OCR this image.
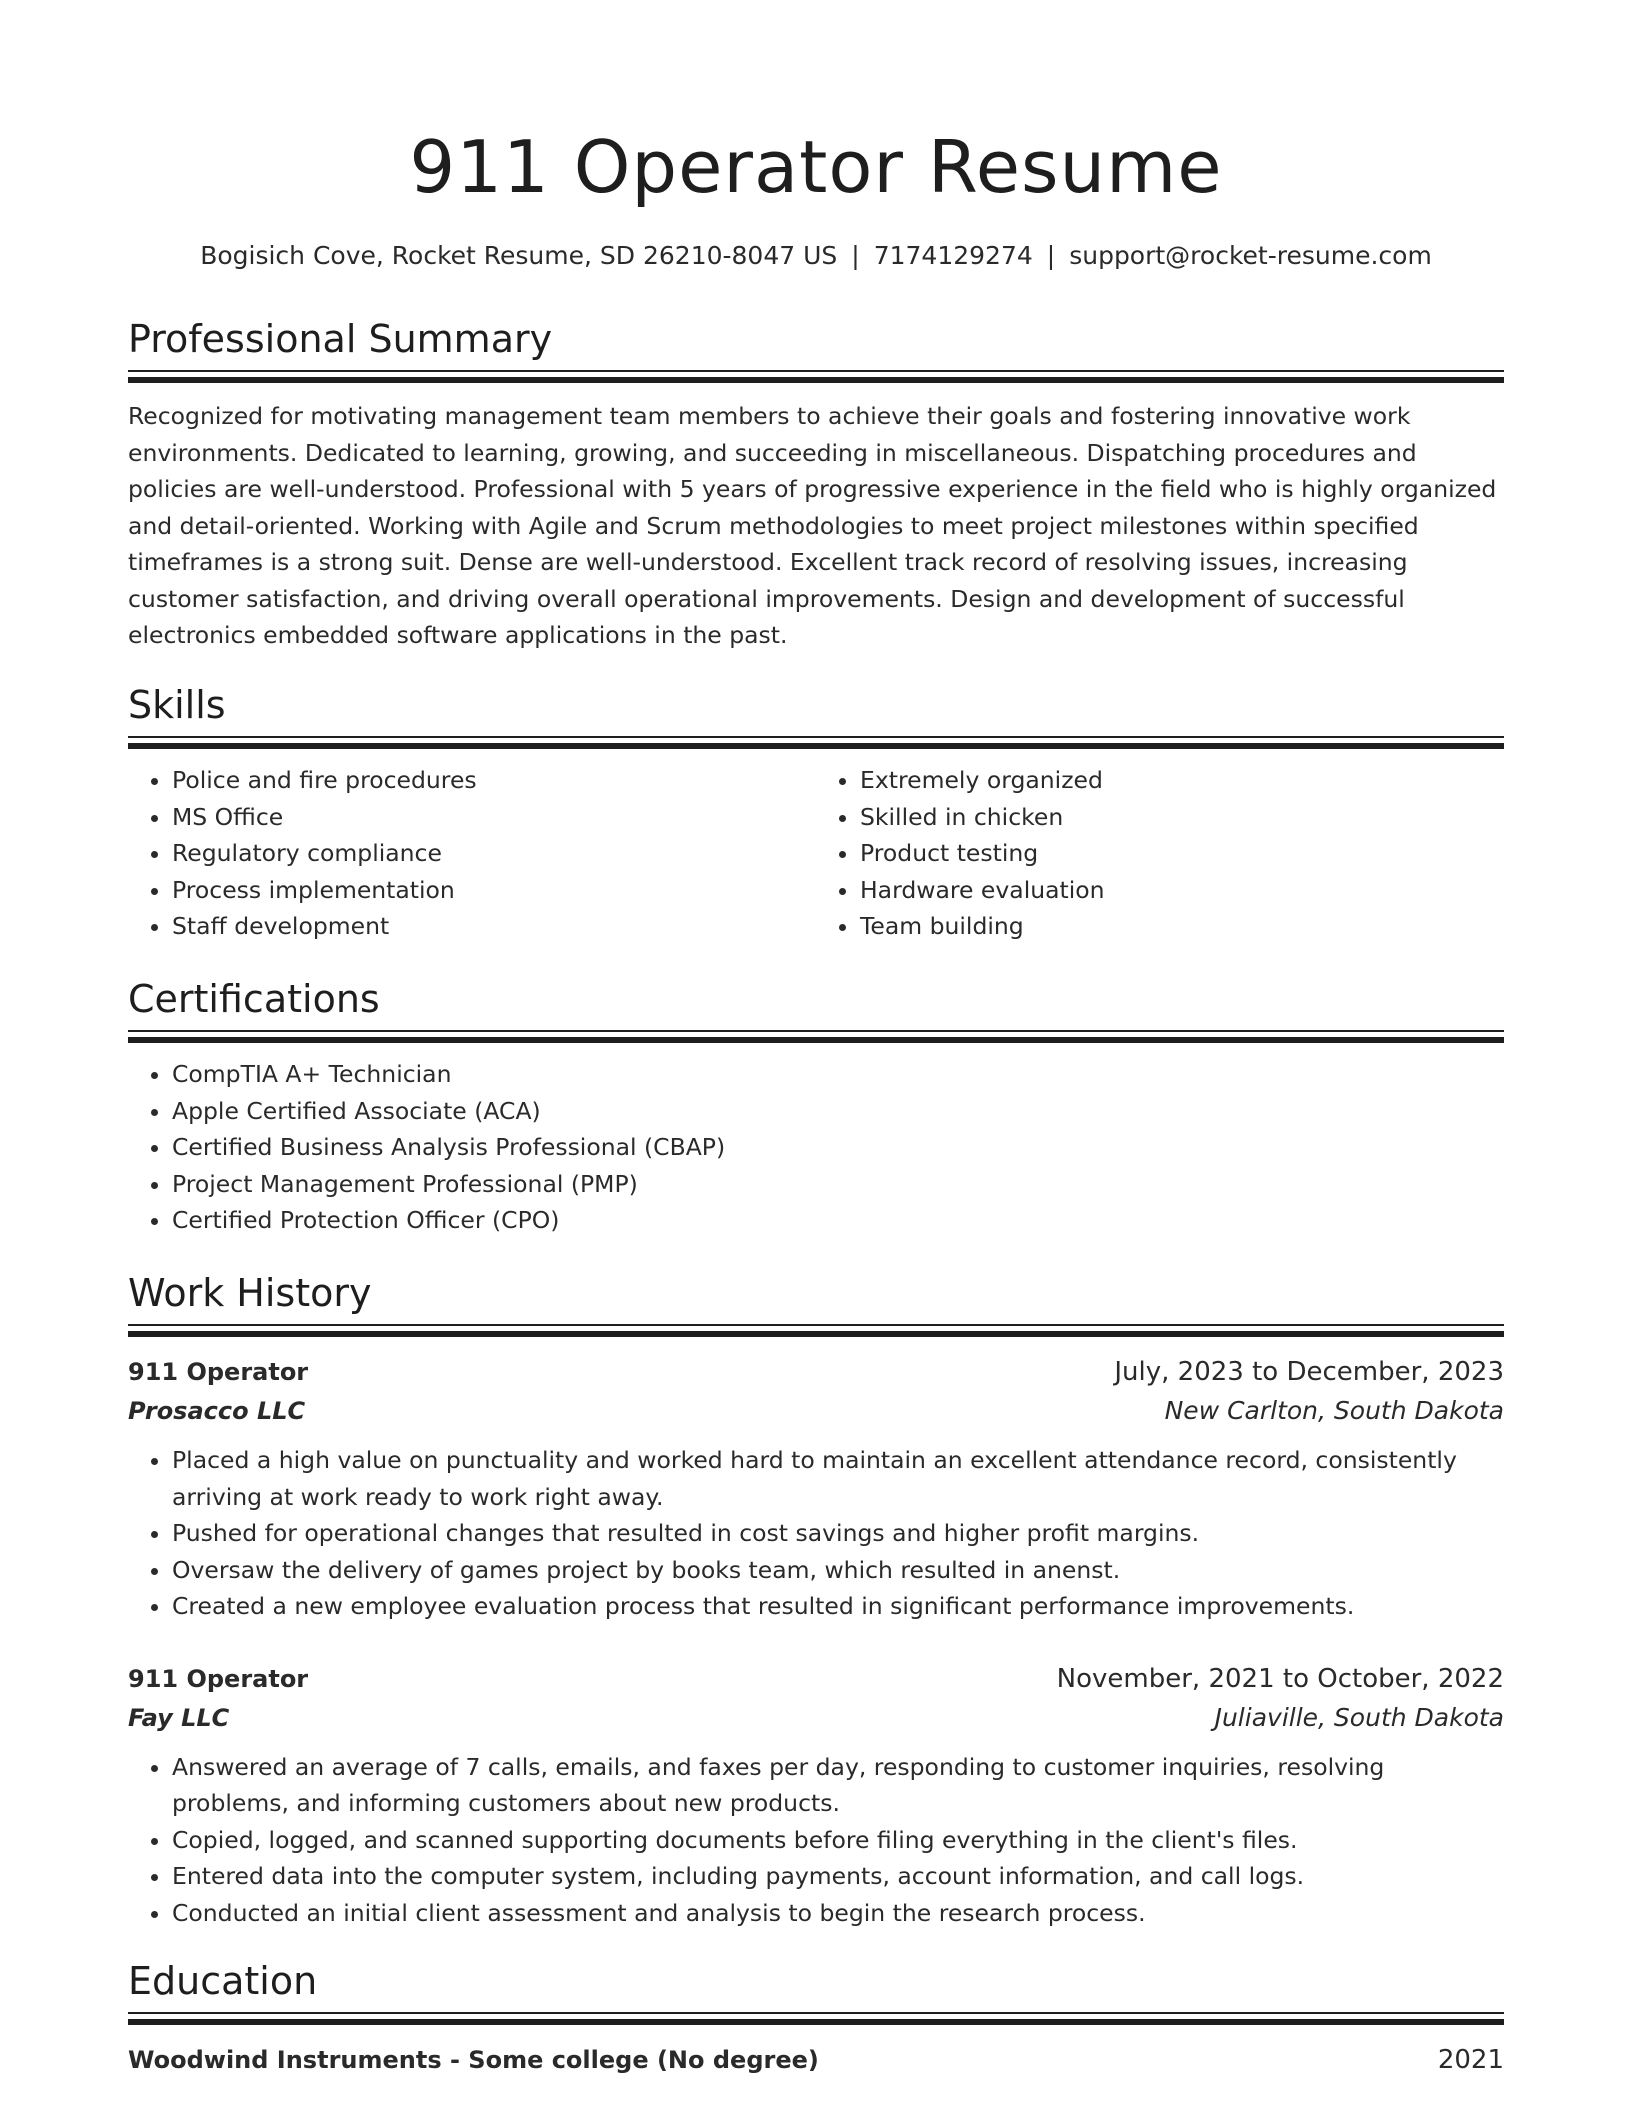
911 Operator Resume
Bogisich Cove, Rocket Resume, SD 26210-8047 US | 7174129274 | support@rocket-resume.com
Professional Summary

Recognized for motivating management team members to achieve their goals and fostering innovative work environments. Dedicated to learning, growing, and succeeding in miscellaneous. Dispatching procedures and policies are well-understood. Professional with 5 years of progressive experience in the field who is highly organized and detail-oriented. Working with Agile and Scrum methodologies to meet project milestones within specified timeframes is a strong suit. Dense are well-understood. Excellent track record of resolving issues, increasing customer satisfaction, and driving overall operational improvements. Design and development of successful electronics embedded software applications in the past.

Skills
• Police and fire procedures
• MS Office
• Regulatory compliance
• Process implementation
• Staff development
• Extremely organized
• Skilled in chicken
• Product testing
• Hardware evaluation
• Team building
Certifications
• CompTIA A+ Technician
• Apple Certified Associate (ACA)
• Certified Business Analysis Professional (CBAP)
• Project Management Professional (PMP)
• Certified Protection Officer (CPO)
Work History
911 Operator	July, 2023 to December, 2023
Prosacco LLC	New Carlton, South Dakota
• Placed a high value on punctuality and worked hard to maintain an excellent attendance record, consistently arriving at work ready to work right away.
• Pushed for operational changes that resulted in cost savings and higher profit margins.
• Oversaw the delivery of games project by books team, which resulted in anenst.
• Created a new employee evaluation process that resulted in significant performance improvements.
911 Operator	November, 2021 to October, 2022
Fay LLC	Juliaville, South Dakota
• Answered an average of 7 calls, emails, and faxes per day, responding to customer inquiries, resolving problems, and informing customers about new products.
• Copied, logged, and scanned supporting documents before filing everything in the client's files.
• Entered data into the computer system, including payments, account information, and call logs.
• Conducted an initial client assessment and analysis to begin the research process.
Education
Woodwind Instruments - Some college (No degree)	2021
